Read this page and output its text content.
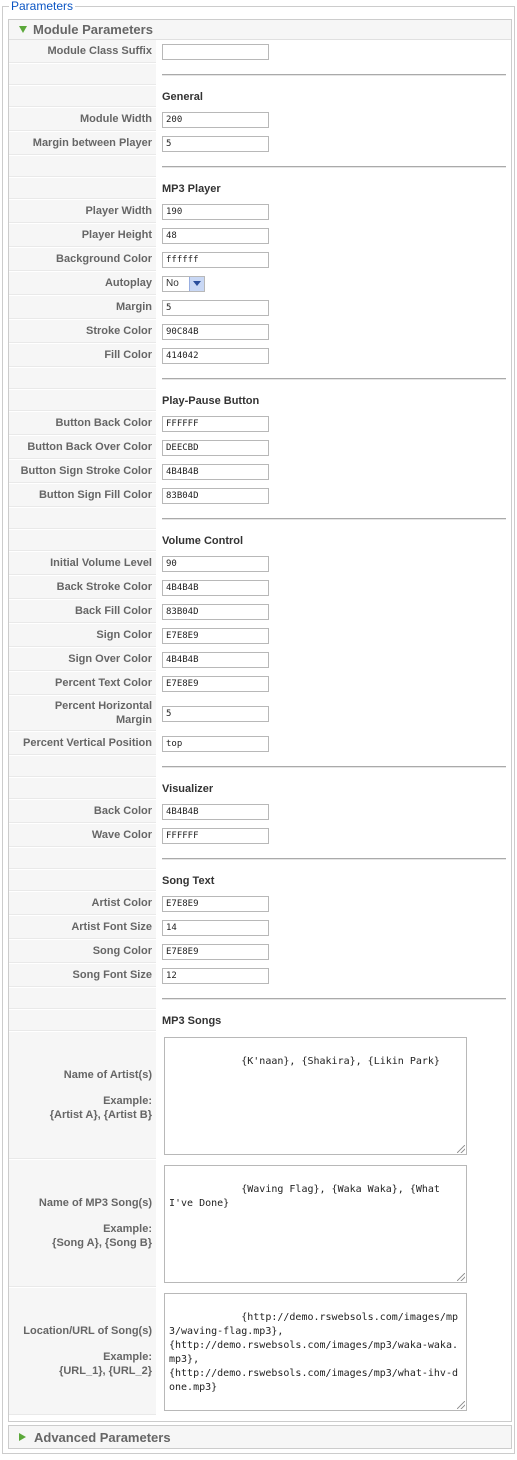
Parameters
Module Parameters
Module Class Suffix
General
Module Width
200
Margin between Player
5
MP3 Player
Player Width
190
Player Height
48
Background Color
ffffff
Autoplay	No
Margin
5
Stroke Color
90C84B
Fill Color
414042
Play-Pause Button
Button Back Color
FFFFFF
Button Back Over Color
DEECBD
Button Sign Stroke Color
4B4B4B
Button Sign Fill Color
83B04D
Volume Control
Initial Volume Level
90
Back Stroke Color
4B4B4B
Back Fill Color
83B04D
Sign Color
E7E8E9
Sign Over Color
4B4B4B
Percent Text Color
E7E8E9
Percent Horizontal
Margin
5
Percent Vertical Position
top
Visualizer
Back Color
4B4B4B
Wave Color
FFFFFF
Song Text
Artist Color
E7E8E9
Artist Font Size
14
Song Color
E7E8E9
Song Font Size
12
MP3 Songs
Name of Artist(s)
Example:
{Artist A}, {Artist B}

{K'naan}, {Shakira}, {Likin Park}

Name of MP3 Song(s)
Example:
{Song A}, {Song B}

{Waving Flag}, {Waka Waka}, {What I've Done}

Location/URL of Song(s)
Example:
{URL_1}, {URL_2}

{http://demo.rswebsols.com/images/mp3/waving-flag.mp3},
{http://demo.rswebsols.com/images/mp3/waka-waka.mp3},
{http://demo.rswebsols.com/images/mp3/what-ihv-done.mp3}

Advanced Parameters
